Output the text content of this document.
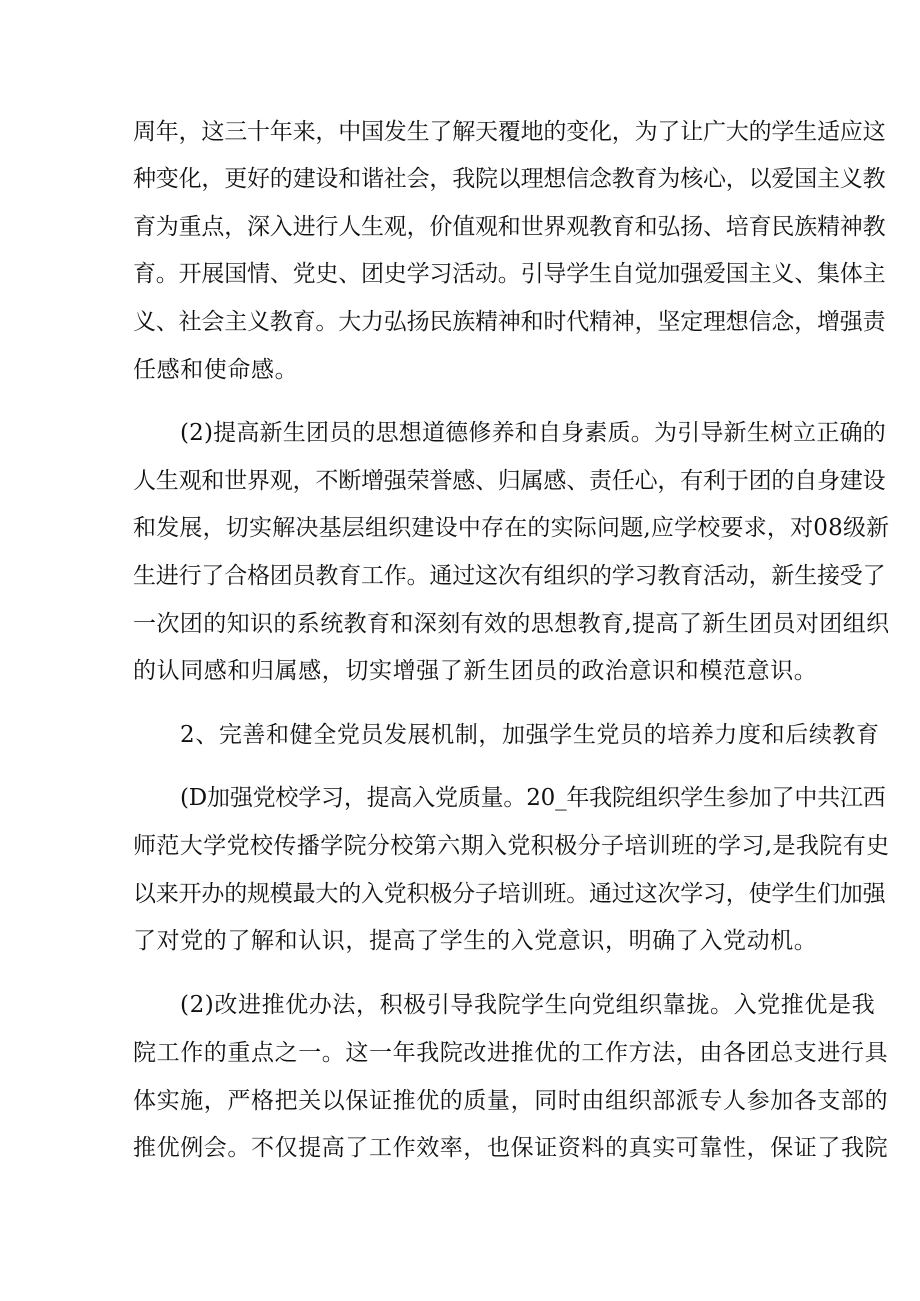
周年，这三十年来，中国发生了解天覆地的变化，为了让广大的学生适应这
种变化，更好的建设和谐社会，我院以理想信念教育为核心，以爱国主义教
育为重点，深入进行人生观，价值观和世界观教育和弘扬、培育民族精神教
育。开展国情、党史、团史学习活动。引导学生自觉加强爱国主义、集体主
义、社会主义教育。大力弘扬民族精神和时代精神，坚定理想信念，增强责
任感和使命感。
(2)提高新生团员的思想道德修养和自身素质。为引导新生树立正确的
人生观和世界观，不断增强荣誉感、归属感、责任心，有利于团的自身建设
和发展，切实解决基层组织建设中存在的实际问题,应学校要求，对08级新
生进行了合格团员教育工作。通过这次有组织的学习教育活动，新生接受了
一次团的知识的系统教育和深刻有效的思想教育,提高了新生团员对团组织
的认同感和归属感，切实增强了新生团员的政治意识和模范意识。
2、完善和健全党员发展机制，加强学生党员的培养力度和后续教育
(D加强党校学习，提高入党质量。20_年我院组织学生参加了中共江西
师范大学党校传播学院分校第六期入党积极分子培训班的学习,是我院有史
以来开办的规模最大的入党积极分子培训班。通过这次学习，使学生们加强
了对党的了解和认识，提高了学生的入党意识，明确了入党动机。
(2)改进推优办法，积极引导我院学生向党组织靠拢。入党推优是我
院工作的重点之一。这一年我院改进推优的工作方法，由各团总支进行具
体实施，严格把关以保证推优的质量，同时由组织部派专人参加各支部的
推优例会。不仅提高了工作效率，也保证资料的真实可靠性，保证了我院
